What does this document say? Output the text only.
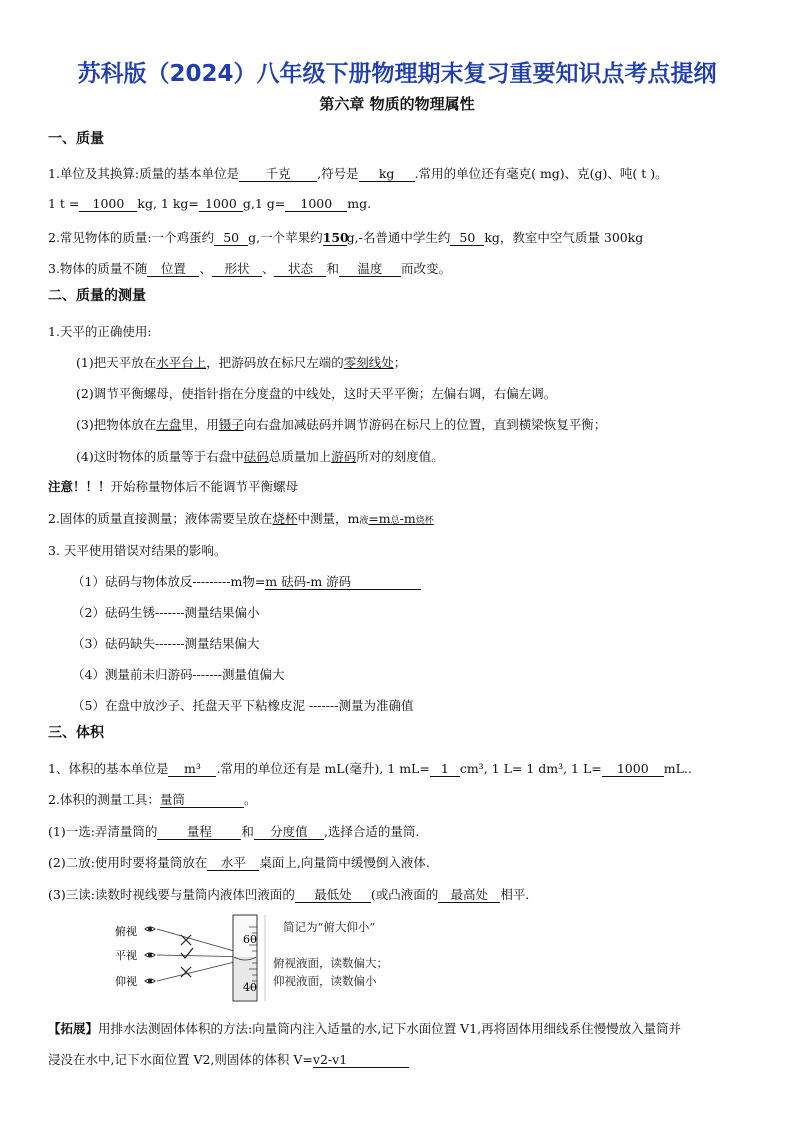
苏科版（2024）八年级下册物理期末复习重要知识点考点提纲
第六章 物质的物理属性
一、质量
1.单位及其换算:质量的基本单位是 千克 ,符号是 kg .常用的单位还有毫克( mg)、克(g)、吨( t )。
1 t = 1000 kg, 1 kg= 1000 g,1 g= 1000 mg.
2.常见物体的质量:一个鸡蛋约 50 g,一个苹果约150g,-名普通中学生约 50 kg，教室中空气质量 300kg
3.物体的质量不随 位置 、 形状 、 状态 和 温度 而改变。
二、质量的测量
1.天平的正确使用:
(1)把天平放在水平台上，把游码放在标尺左端的零刻线处；
(2)调节平衡螺母，使指针指在分度盘的中线处，这时天平平衡；左偏右调，右偏左调。
(3)把物体放在左盘里，用镊子向右盘加减砝码并调节游码在标尺上的位置，直到横梁恢复平衡；
(4)这时物体的质量等于右盘中砝码总质量加上游码所对的刻度值。
注意！！！开始称量物体后不能调节平衡螺母
2.固体的质量直接测量；液体需要呈放在烧杯中测量，m液=m总-m烧杯
3. 天平使用错误对结果的影响。
（1）砝码与物体放反---------m物=m 砝码-m 游码
（2）砝码生锈-------测量结果偏小
（3）砝码缺失-------测量结果偏大
（4）测量前未归游码-------测量值偏大
（5）在盘中放沙子、托盘天平下粘橡皮泥 -------测量为准确值
三、体积
1、体积的基本单位是 m³ .常用的单位还有是 mL(毫升), 1 mL= 1 cm³, 1 L= 1 dm³, 1 L= 1000 mL..
2.体积的测量工具：量筒	。
(1)一选:弄清量筒的 量程 和 分度值 ,选择合适的量筒.
(2)二放:使用时要将量筒放在 水平 桌面上,向量筒中缓慢倒入液体.
(3)三读:读数时视线要与量筒内液体凹液面的 最低处 (或凸液面的 最高处 相平.
俯视
平视
仰视
60
40
简记为“俯大仰小”
俯视液面，读数偏大；
仰视液面，读数偏小
【拓展】用排水法测固体体积的方法:向量筒内注入适量的水,记下水面位置 V1,再将固体用细线系住慢慢放入量筒并
浸没在水中,记下水面位置 V2,则固体的体积 V=v2-v1
